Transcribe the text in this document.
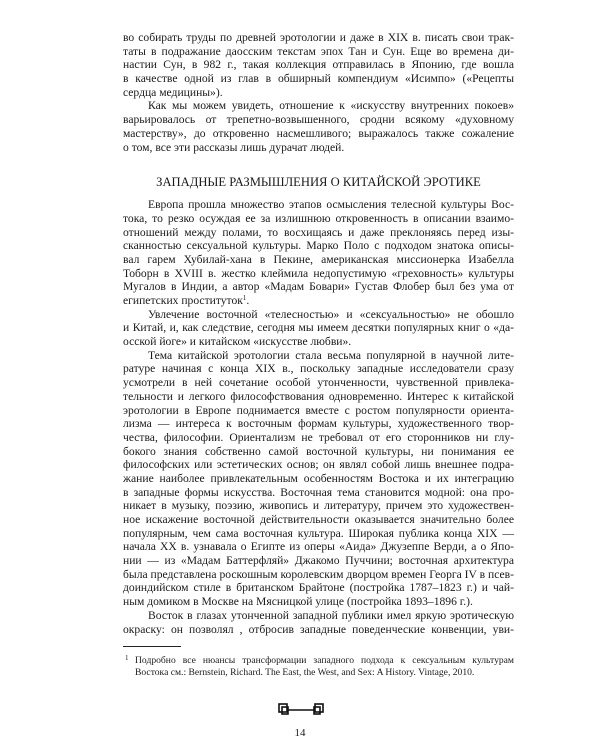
во собирать труды по древней эротологии и даже в XIX в. писать свои трак-
таты в подражание даосским текстам эпох Тан и Сун. Еще во времена ди-
настии Сун, в 982 г., такая коллекция отправилась в Японию, где вошла
в качестве одной из глав в обширный компендиум «Исимпо» («Рецепты
сердца медицины»).
Как мы можем увидеть, отношение к «искусству внутренних покоев»
варьировалось от трепетно-возвышенного, сродни всякому «духовному
мастерству», до откровенно насмешливого; выражалось также сожаление
о том, все эти рассказы лишь дурачат людей.
ЗАПАДНЫЕ РАЗМЫШЛЕНИЯ О КИТАЙСКОЙ ЭРОТИКЕ
Европа прошла множество этапов осмысления телесной культуры Вос-
тока, то резко осуждая ее за излишнюю откровенность в описании взаимо-
отношений между полами, то восхищаясь и даже преклоняясь перед изы-
сканностью сексуальной культуры. Марко Поло с подходом знатока описы-
вал гарем Хубилай-хана в Пекине, американская миссионерка Изабелла
Тоборн в XVIII в. жестко клеймила недопустимую «греховность» культуры
Мугалов в Индии, а автор «Мадам Бовари» Густав Флобер был без ума от
египетских проституток$^1$.
Увлечение восточной «телесностью» и «сексуальностью» не обошло
и Китай, и, как следствие, сегодня мы имеем десятки популярных книг о «да-
осской йоге» и китайском «искусстве любви».
Тема китайской эротологии стала весьма популярной в научной лите-
ратуре начиная с конца XIX в., поскольку западные исследователи сразу
усмотрели в ней сочетание особой утонченности, чувственной привлека-
тельности и легкого философствования одновременно. Интерес к китайской
эротологии в Европе поднимается вместе с ростом популярности ориента-
лизма — интереса к восточным формам культуры, художественного твор-
чества, философии. Ориентализм не требовал от его сторонников ни глу-
бокого знания собственно самой восточной культуры, ни понимания ее
философских или эстетических основ; он являл собой лишь внешнее подра-
жание наиболее привлекательным особенностям Востока и их интеграцию
в западные формы искусства. Восточная тема становится модной: она про-
никает в музыку, поэзию, живопись и литературу, причем это художествен-
ное искажение восточной действительности оказывается значительно более
популярным, чем сама восточная культура. Широкая публика конца XIX —
начала XX в. узнавала о Египте из оперы «Аида» Джузеппе Верди, а о Япо-
нии — из «Мадам Баттерфляй» Джакомо Пуччини; восточная архитектура
была представлена роскошным королевским дворцом времен Георга IV в псев-
доиндийском стиле в британском Брайтоне (постройка 1787–1823 г.) и чай-
ным домиком в Москве на Мясницкой улице (постройка 1893–1896 г.).
Восток в глазах утонченной западной публики имел яркую эротическую
окраску: он позволял , отбросив западные поведенческие конвенции, уви-
1 Подробно все нюансы трансформации западного подхода к сексуальным культурам
Востока см.: Bernstein, Richard. The East, the West, and Sex: A History. Vintage, 2010.
14
